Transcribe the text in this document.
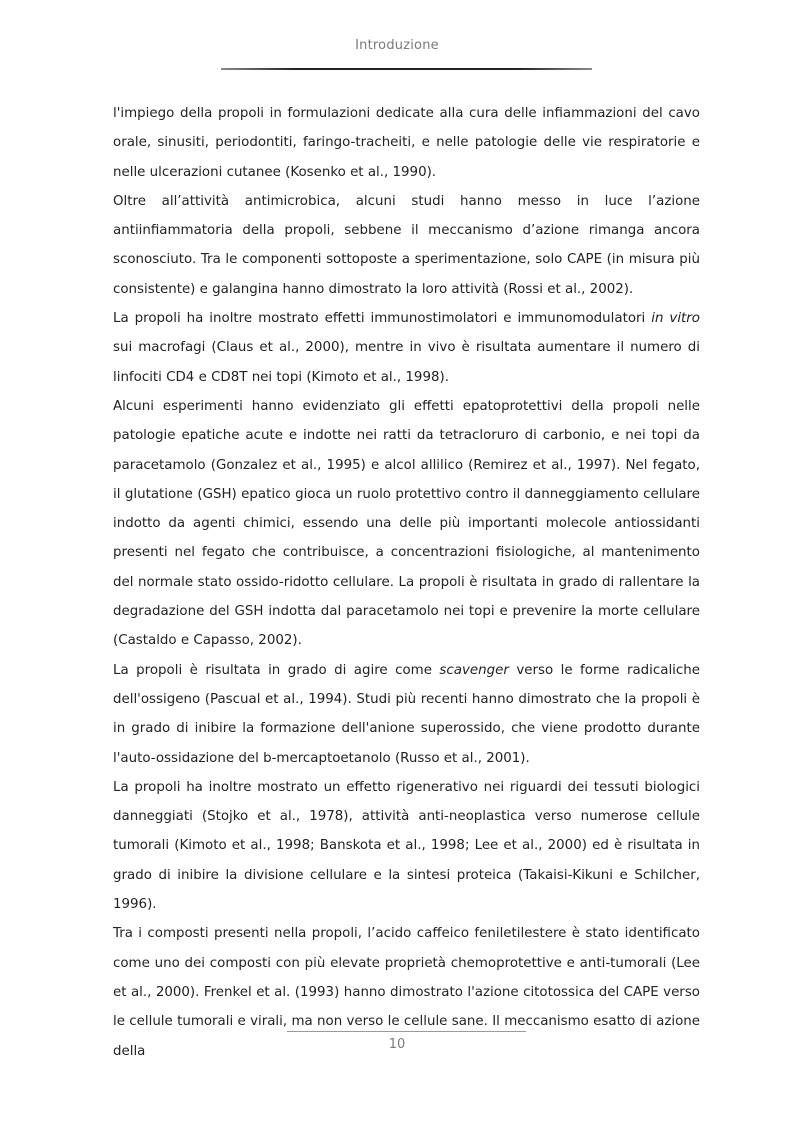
Introduzione

l'impiego della propoli in formulazioni dedicate alla cura delle infiammazioni del cavo orale, sinusiti, periodontiti, faringo-tracheiti, e nelle patologie delle vie respiratorie e nelle ulcerazioni cutanee (Kosenko et al., 1990).

Oltre all’attività antimicrobica, alcuni studi hanno messo in luce l’azione antiinfiammatoria della propoli, sebbene il meccanismo d’azione rimanga ancora sconosciuto. Tra le componenti sottoposte a sperimentazione, solo CAPE (in misura più consistente) e galangina hanno dimostrato la loro attività (Rossi et al., 2002).

La propoli ha inoltre mostrato effetti immunostimolatori e immunomodulatori in vitro sui macrofagi (Claus et al., 2000), mentre in vivo è risultata aumentare il numero di linfociti CD4 e CD8T nei topi (Kimoto et al., 1998).

Alcuni esperimenti hanno evidenziato gli effetti epatoprotettivi della propoli nelle patologie epatiche acute e indotte nei ratti da tetracloruro di carbonio, e nei topi da paracetamolo (Gonzalez et al., 1995) e alcol allilico (Remirez et al., 1997). Nel fegato, il glutatione (GSH) epatico gioca un ruolo protettivo contro il danneggiamento cellulare indotto da agenti chimici, essendo una delle più importanti molecole antiossidanti presenti nel fegato che contribuisce, a concentrazioni fisiologiche, al mantenimento del normale stato ossido-ridotto cellulare. La propoli è risultata in grado di rallentare la degradazione del GSH indotta dal paracetamolo nei topi e prevenire la morte cellulare (Castaldo e Capasso, 2002).

La propoli è risultata in grado di agire come scavenger verso le forme radicaliche dell'ossigeno (Pascual et al., 1994). Studi più recenti hanno dimostrato che la propoli è in grado di inibire la formazione dell'anione superossido, che viene prodotto durante l'auto-ossidazione del b-mercaptoetanolo (Russo et al., 2001).

La propoli ha inoltre mostrato un effetto rigenerativo nei riguardi dei tessuti biologici danneggiati (Stojko et al., 1978), attività anti-neoplastica verso numerose cellule tumorali (Kimoto et al., 1998; Banskota et al., 1998; Lee et al., 2000) ed è risultata in grado di inibire la divisione cellulare e la sintesi proteica (Takaisi-Kikuni e Schilcher, 1996).

Tra i composti presenti nella propoli, l’acido caffeico feniletilestere è stato identificato come uno dei composti con più elevate proprietà chemoprotettive e anti-tumorali (Lee et al., 2000). Frenkel et al. (1993) hanno dimostrato l'azione citotossica del CAPE verso le cellule tumorali e virali, ma non verso le cellule sane. Il meccanismo esatto di azione della	10
